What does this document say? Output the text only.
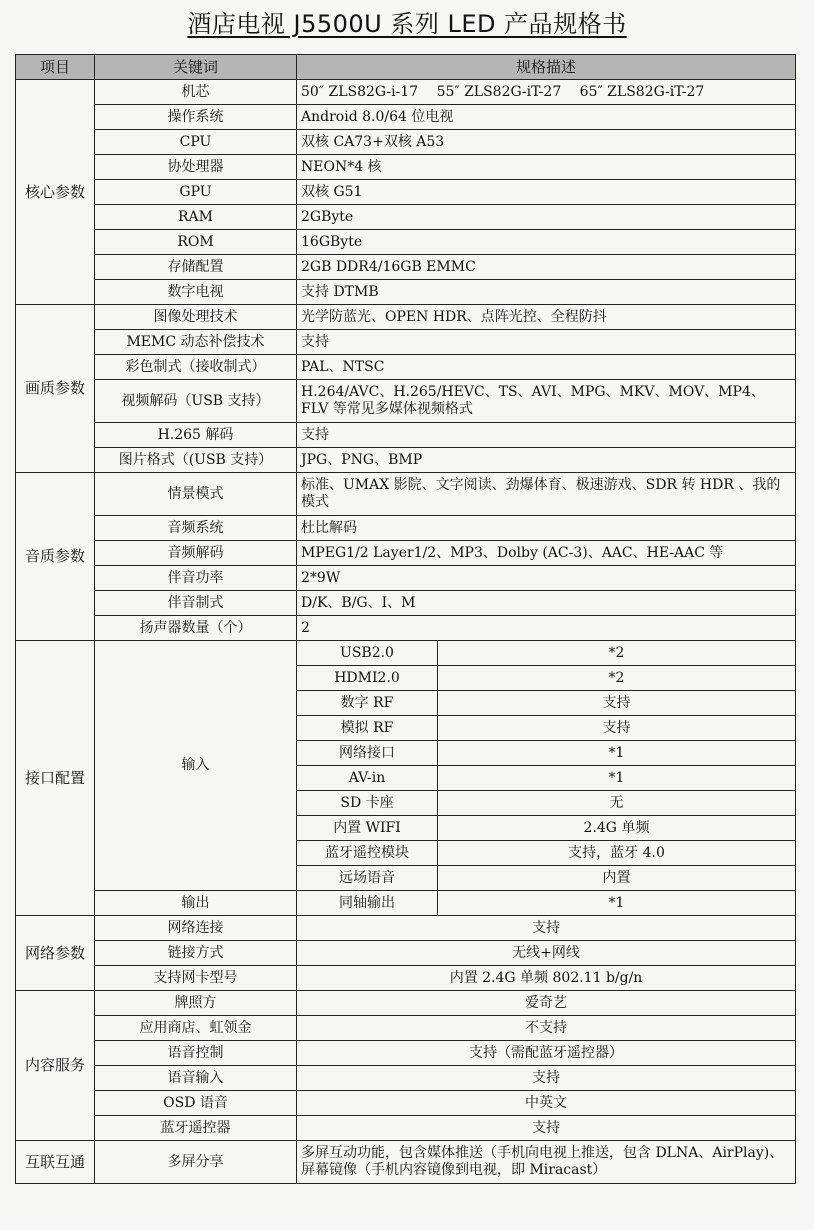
酒店电视 J5500U 系列 LED 产品规格书
项目	关键词	规格描述	
核心参数	机芯	50″ ZLS82G-i-17　 55″ ZLS82G-iT-27　 65″ ZLS82G-iT-27	
	操作系统	Android 8.0/64 位电视	
	CPU	双核 CA73+双核 A53	
	协处理器	NEON*4 核	
	GPU	双核 G51	
	RAM	2GByte	
	ROM	16GByte	
	存储配置	2GB DDR4/16GB EMMC	
	数字电视	支持 DTMB	
画质参数	图像处理技术	光学防蓝光、OPEN HDR、点阵光控、全程防抖	
	MEMC 动态补偿技术	支持	
	彩色制式（接收制式）	PAL、NTSC	
	视频解码（USB 支持）	H.264/AVC、H.265/HEVC、TS、AVI、MPG、MKV、MOV、MP4、FLV 等常见多媒体视频格式	
	H.265 解码	支持	
	图片格式（(USB 支持）	JPG、PNG、BMP	
音质参数	情景模式	标准、UMAX 影院、文字阅读、劲爆体育、极速游戏、SDR 转 HDR 、我的模式	
	音频系统	杜比解码	
	音频解码	MPEG1/2 Layer1/2、MP3、Dolby (AC-3)、AAC、HE-AAC 等	
	伴音功率	2*9W	
	伴音制式	D/K、B/G、I、M	
	扬声器数量（个）	2	
接口配置	输入	USB2.0	*2
		HDMI2.0	*2
		数字 RF	支持
		模拟 RF	支持
		网络接口	*1
		AV-in	*1
		SD 卡座	无
		内置 WIFI	2.4G 单频
		蓝牙遥控模块	支持，蓝牙 4.0
		远场语音	内置
	输出	同轴输出	*1
网络参数	网络连接	支持	
	链接方式	无线+网线	
	支持网卡型号	内置 2.4G 单频 802.11 b/g/n	
内容服务	牌照方	爱奇艺	
	应用商店、虹领金	不支持	
	语音控制	支持（需配蓝牙遥控器）	
	语音输入	支持	
	OSD 语音	中英文	
	蓝牙遥控器	支持	
互联互通	多屏分享	多屏互动功能，包含媒体推送（手机向电视上推送，包含 DLNA、AirPlay)、屏幕镜像（手机内容镜像到电视，即 Miracast）	
